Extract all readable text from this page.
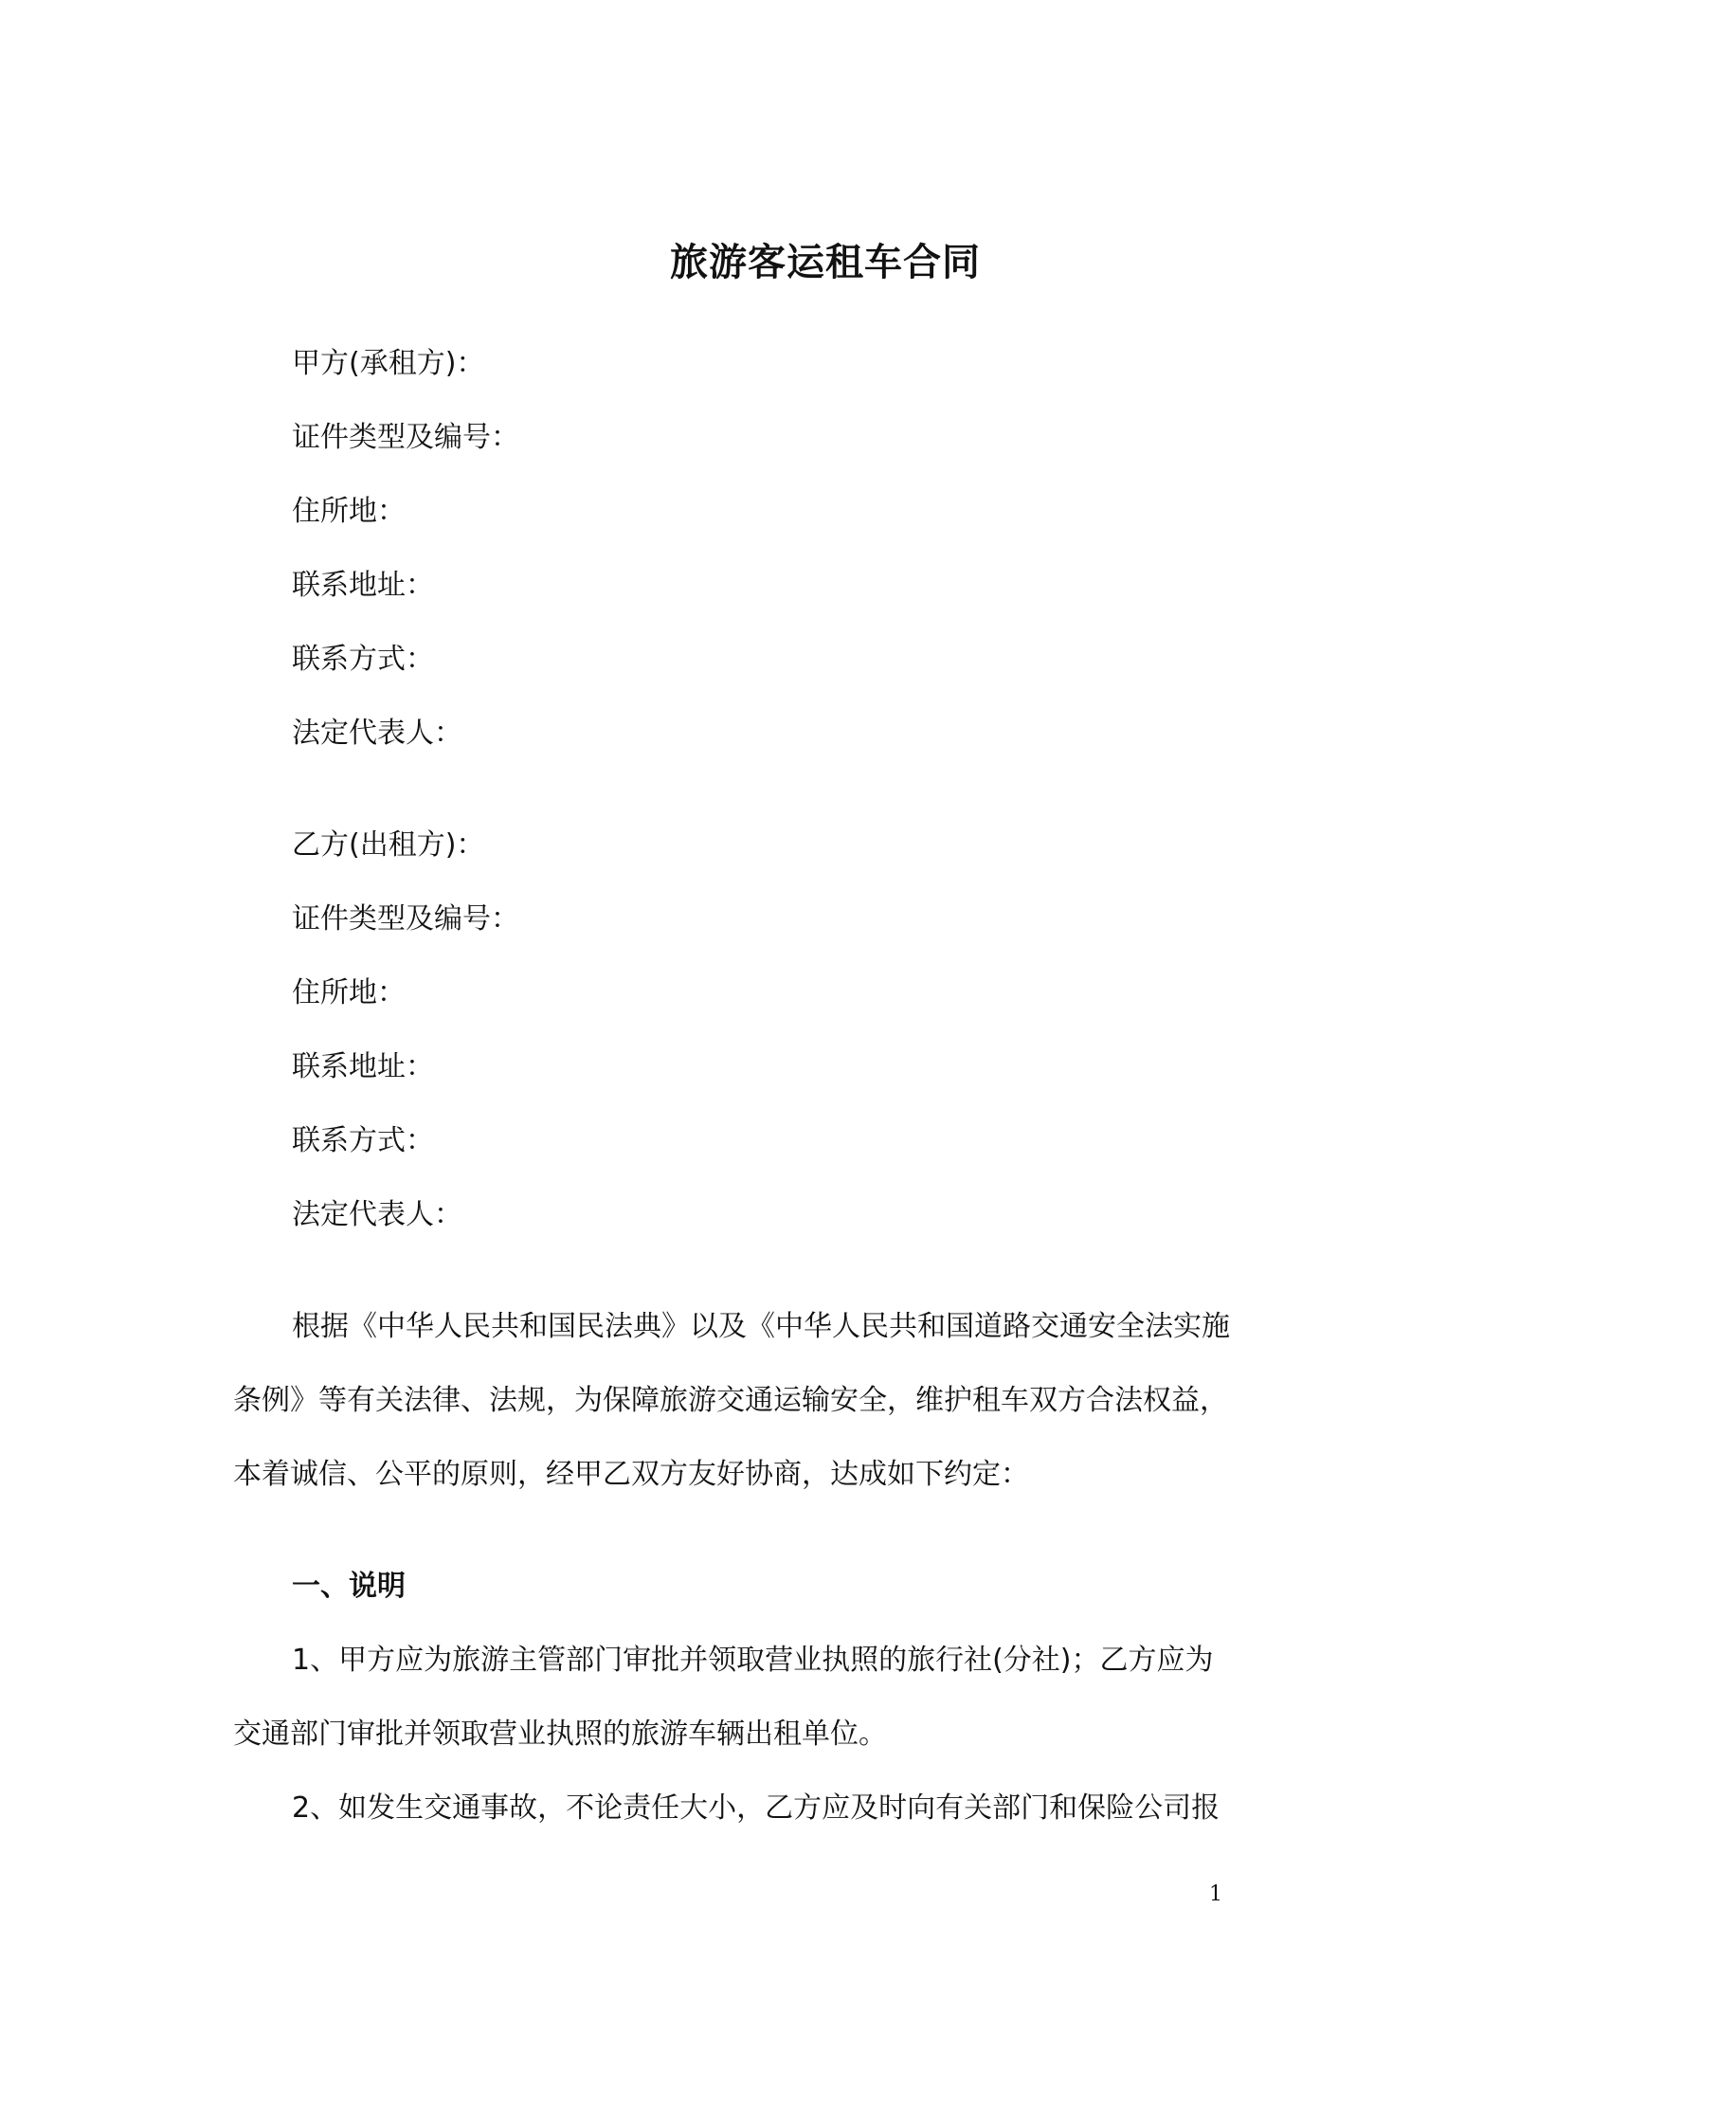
旅游客运租车合同
甲方(承租方)：
证件类型及编号：
住所地：
联系地址：
联系方式：
法定代表人：
乙方(出租方)：
证件类型及编号：
住所地：
联系地址：
联系方式：
法定代表人：
根据《中华人民共和国民法典》以及《中华人民共和国道路交通安全法实施
条例》等有关法律、法规，为保障旅游交通运输安全，维护租车双方合法权益，
本着诚信、公平的原则，经甲乙双方友好协商，达成如下约定：
一、说明
1、甲方应为旅游主管部门审批并领取营业执照的旅行社(分社)；乙方应为
交通部门审批并领取营业执照的旅游车辆出租单位。
2、如发生交通事故，不论责任大小，乙方应及时向有关部门和保险公司报
1
